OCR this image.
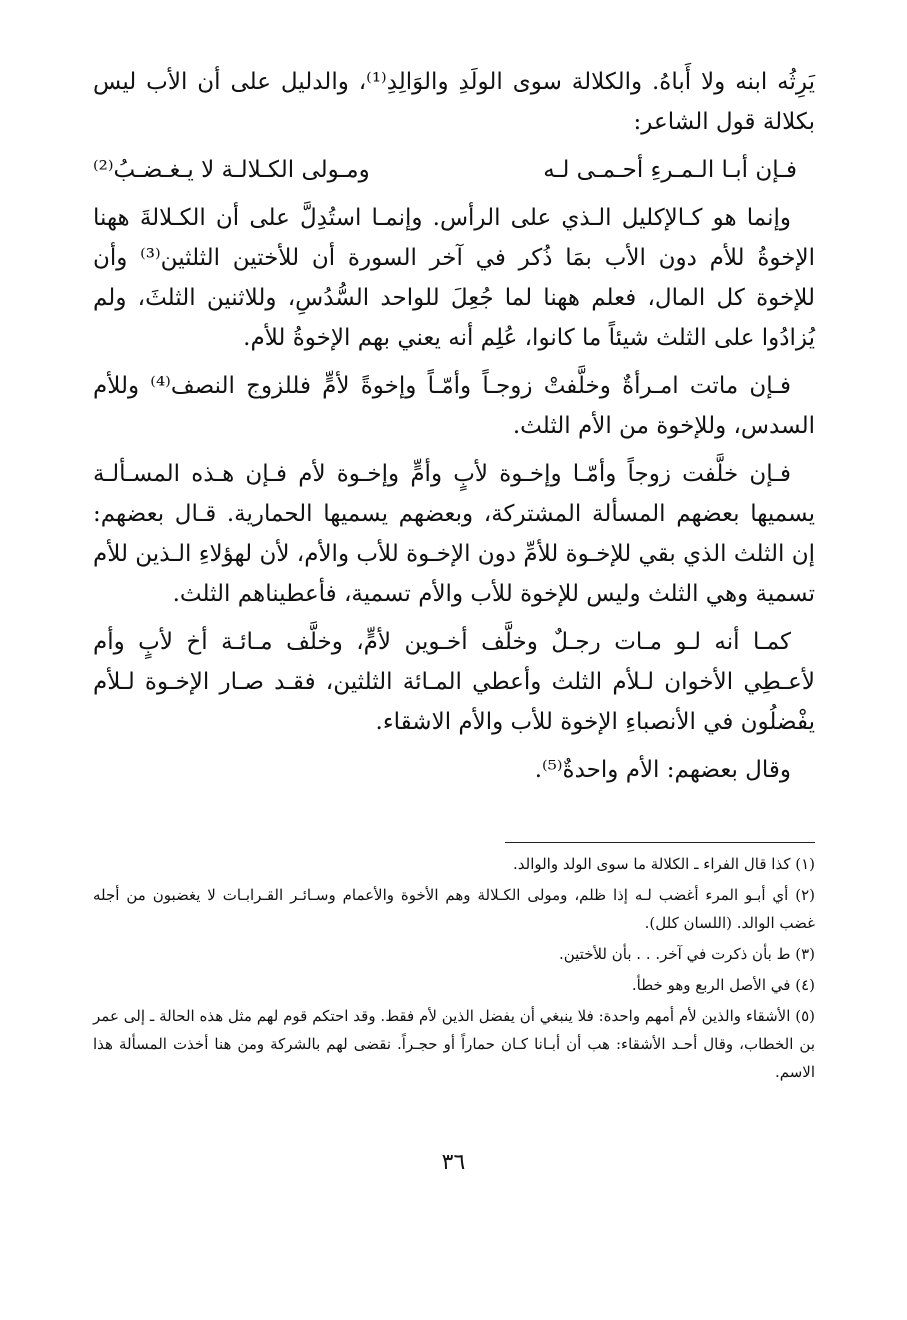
يَرِثُه ابنه ولا أَباهُ. والكلالة سوى الولَدِ والوَالِدِ⁽¹⁾، والدليل على أن الأب ليس بكلالة قول الشاعر:

فـإن أبـا الـمـرءِ أحـمـى لـه
ومـولى الكـلالـة لا يـغـضـبُ⁽²⁾

وإنما هو كـالإكليل الـذي على الرأس. وإنمـا استُدِلَّ على أن الكـلالةَ ههنا الإخوةُ للأم دون الأب بمَا ذُكر في آخر السورة أن للأختين الثلثين⁽³⁾ وأن للإخوة كل المال، فعلم ههنا لما جُعِلَ للواحد السُّدُسِ، وللاثنين الثلثَ، ولم يُزادُوا على الثلث شيئاً ما كانوا، عُلِم أنه يعني بهم الإخوةُ للأم.

فـإن ماتت امـرأةٌ وخلَّفتْ زوجـاً وأمّـاً وإخوةً لأمٍّ فللزوج النصف⁽⁴⁾ وللأم السدس، وللإخوة من الأم الثلث.

فـإن خلَّفت زوجاً وأمّـا وإخـوة لأبٍ وأمٍّ وإخـوة لأم فـإن هـذه المسـألـة يسميها بعضهم المسألة المشتركة، وبعضهم يسميها الحمارية. قـال بعضهم: إن الثلث الذي بقي للإخـوة للأمِّ دون الإخـوة للأب والأم، لأن لهؤلاءِ الـذين للأم تسمية وهي الثلث وليس للإخوة للأب والأم تسمية، فأعطيناهم الثلث.

كمـا أنه لـو مـات رجـلٌ وخلَّف أخـوين لأمٍّ، وخلَّف مـائـة أخ لأبٍ وأم لأعـطِي الأخوان لـلأم الثلث وأعطي المـائة الثلثين، فقـد صـار الإخـوة لـلأم يفْضلُون في الأنصباءِ الإخوة للأب والأم الاشقاء.

وقال بعضهم: الأم واحدةٌ⁽⁵⁾.

(١) كذا قال الفراء ـ الكلالة ما سوى الولد والوالد.

(٢) أي أبـو المرء أغضب لـه إذا ظلم، ومولى الكـلالة وهم الأخوة والأعمام وسـائـر القـرابـات لا يغضبون من أجله غضب الوالد. (اللسان كلل).

(٣) ط بأن ذكرت في آخر. . . بأن للأختين.

(٤) في الأصل الربع وهو خطأ.

(٥) الأشقاء والذين لأم أمهم واحدة: فلا ينبغي أن يفضل الذين لأم فقط. وقد احتكم قوم لهم مثل هذه الحالة ـ إلى عمر بن الخطاب، وقال أحـد الأشقاء: هب أن أبـانا كـان حماراً أو حجـراً. نقضى لهم بالشركة ومن هنا أخذت المسألة هذا الاسم.

٣٦
